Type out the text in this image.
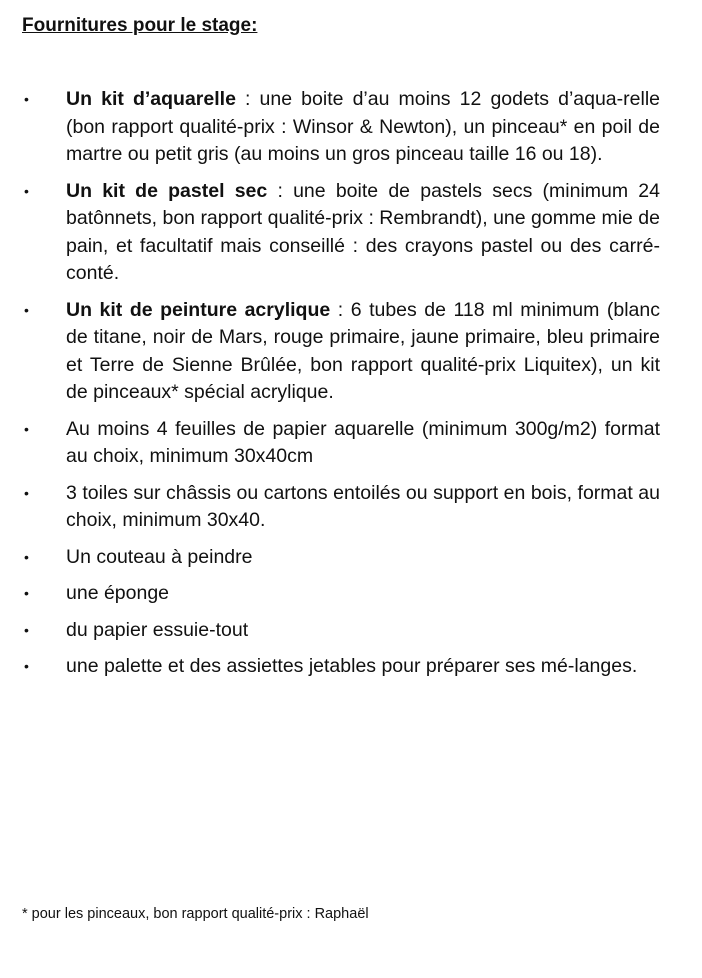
Fournitures pour le stage:
• Un kit d’aquarelle : une boite d’au moins 12 godets d’aqua-relle (bon rapport qualité-prix : Winsor & Newton), un pinceau* en poil de martre ou petit gris (au moins un gros pinceau taille 16 ou 18).
• Un kit de pastel sec : une boite de pastels secs (minimum 24 batônnets, bon rapport qualité-prix : Rembrandt), une gomme mie de pain, et facultatif mais conseillé : des crayons pastel ou des carré-conté.
• Un kit de peinture acrylique : 6 tubes de 118 ml minimum (blanc de titane, noir de Mars, rouge primaire, jaune primaire, bleu primaire et Terre de Sienne Brûlée, bon rapport qualité-prix Liquitex), un kit de pinceaux* spécial acrylique.
• Au moins 4 feuilles de papier aquarelle (minimum 300g/m2) format au choix, minimum 30x40cm
• 3 toiles sur châssis ou cartons entoilés ou support en bois, format au choix, minimum 30x40.
• Un couteau à peindre
• une éponge
• du papier essuie-tout
• une palette et des assiettes jetables pour préparer ses mé-langes.

* pour les pinceaux, bon rapport qualité-prix : Raphaël
